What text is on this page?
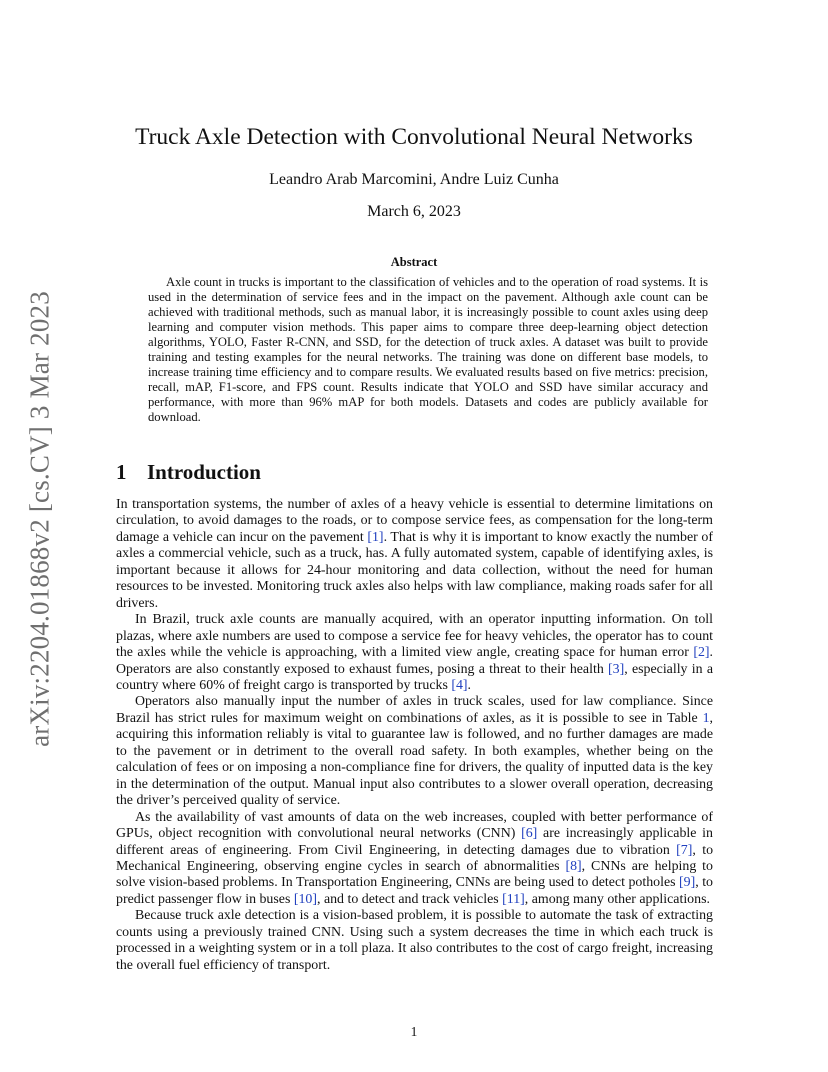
arXiv:2204.01868v2 [cs.CV] 3 Mar 2023
Truck Axle Detection with Convolutional Neural Networks
Leandro Arab Marcomini, Andre Luiz Cunha
March 6, 2023
Abstract

Axle count in trucks is important to the classification of vehicles and to the operation of road systems. It is used in the determination of service fees and in the impact on the pavement. Although axle count can be achieved with traditional methods, such as manual labor, it is increasingly possible to count axles using deep learning and computer vision methods. This paper aims to compare three deep-learning object detection algorithms, YOLO, Faster R-CNN, and SSD, for the detection of truck axles. A dataset was built to provide training and testing examples for the neural networks. The training was done on different base models, to increase training time efficiency and to compare results. We evaluated results based on five metrics: precision, recall, mAP, F1-score, and FPS count. Results indicate that YOLO and SSD have similar accuracy and performance, with more than 96% mAP for both models. Datasets and codes are publicly available for download.

1 Introduction

In transportation systems, the number of axles of a heavy vehicle is essential to determine limitations on circulation, to avoid damages to the roads, or to compose service fees, as compensation for the long-term damage a vehicle can incur on the pavement [1]. That is why it is important to know exactly the number of axles a commercial vehicle, such as a truck, has. A fully automated system, capable of identifying axles, is important because it allows for 24-hour monitoring and data collection, without the need for human resources to be invested. Monitoring truck axles also helps with law compliance, making roads safer for all drivers.

In Brazil, truck axle counts are manually acquired, with an operator inputting information. On toll plazas, where axle numbers are used to compose a service fee for heavy vehicles, the operator has to count the axles while the vehicle is approaching, with a limited view angle, creating space for human error [2]. Operators are also constantly exposed to exhaust fumes, posing a threat to their health [3], especially in a country where 60% of freight cargo is transported by trucks [4].

Operators also manually input the number of axles in truck scales, used for law compliance. Since Brazil has strict rules for maximum weight on combinations of axles, as it is possible to see in Table 1, acquiring this information reliably is vital to guarantee law is followed, and no further damages are made to the pavement or in detriment to the overall road safety. In both examples, whether being on the calculation of fees or on imposing a non-compliance fine for drivers, the quality of inputted data is the key in the determination of the output. Manual input also contributes to a slower overall operation, decreasing the driver’s perceived quality of service.

As the availability of vast amounts of data on the web increases, coupled with better performance of GPUs, object recognition with convolutional neural networks (CNN) [6] are increasingly applicable in different areas of engineering. From Civil Engineering, in detecting damages due to vibration [7], to Mechanical Engineering, observing engine cycles in search of abnormalities [8], CNNs are helping to solve vision-based problems. In Transportation Engineering, CNNs are being used to detect potholes [9], to predict passenger flow in buses [10], and to detect and track vehicles [11], among many other applications.

Because truck axle detection is a vision-based problem, it is possible to automate the task of extracting counts using a previously trained CNN. Using such a system decreases the time in which each truck is processed in a weighting system or in a toll plaza. It also contributes to the cost of cargo freight, increasing the overall fuel efficiency of transport.

1
